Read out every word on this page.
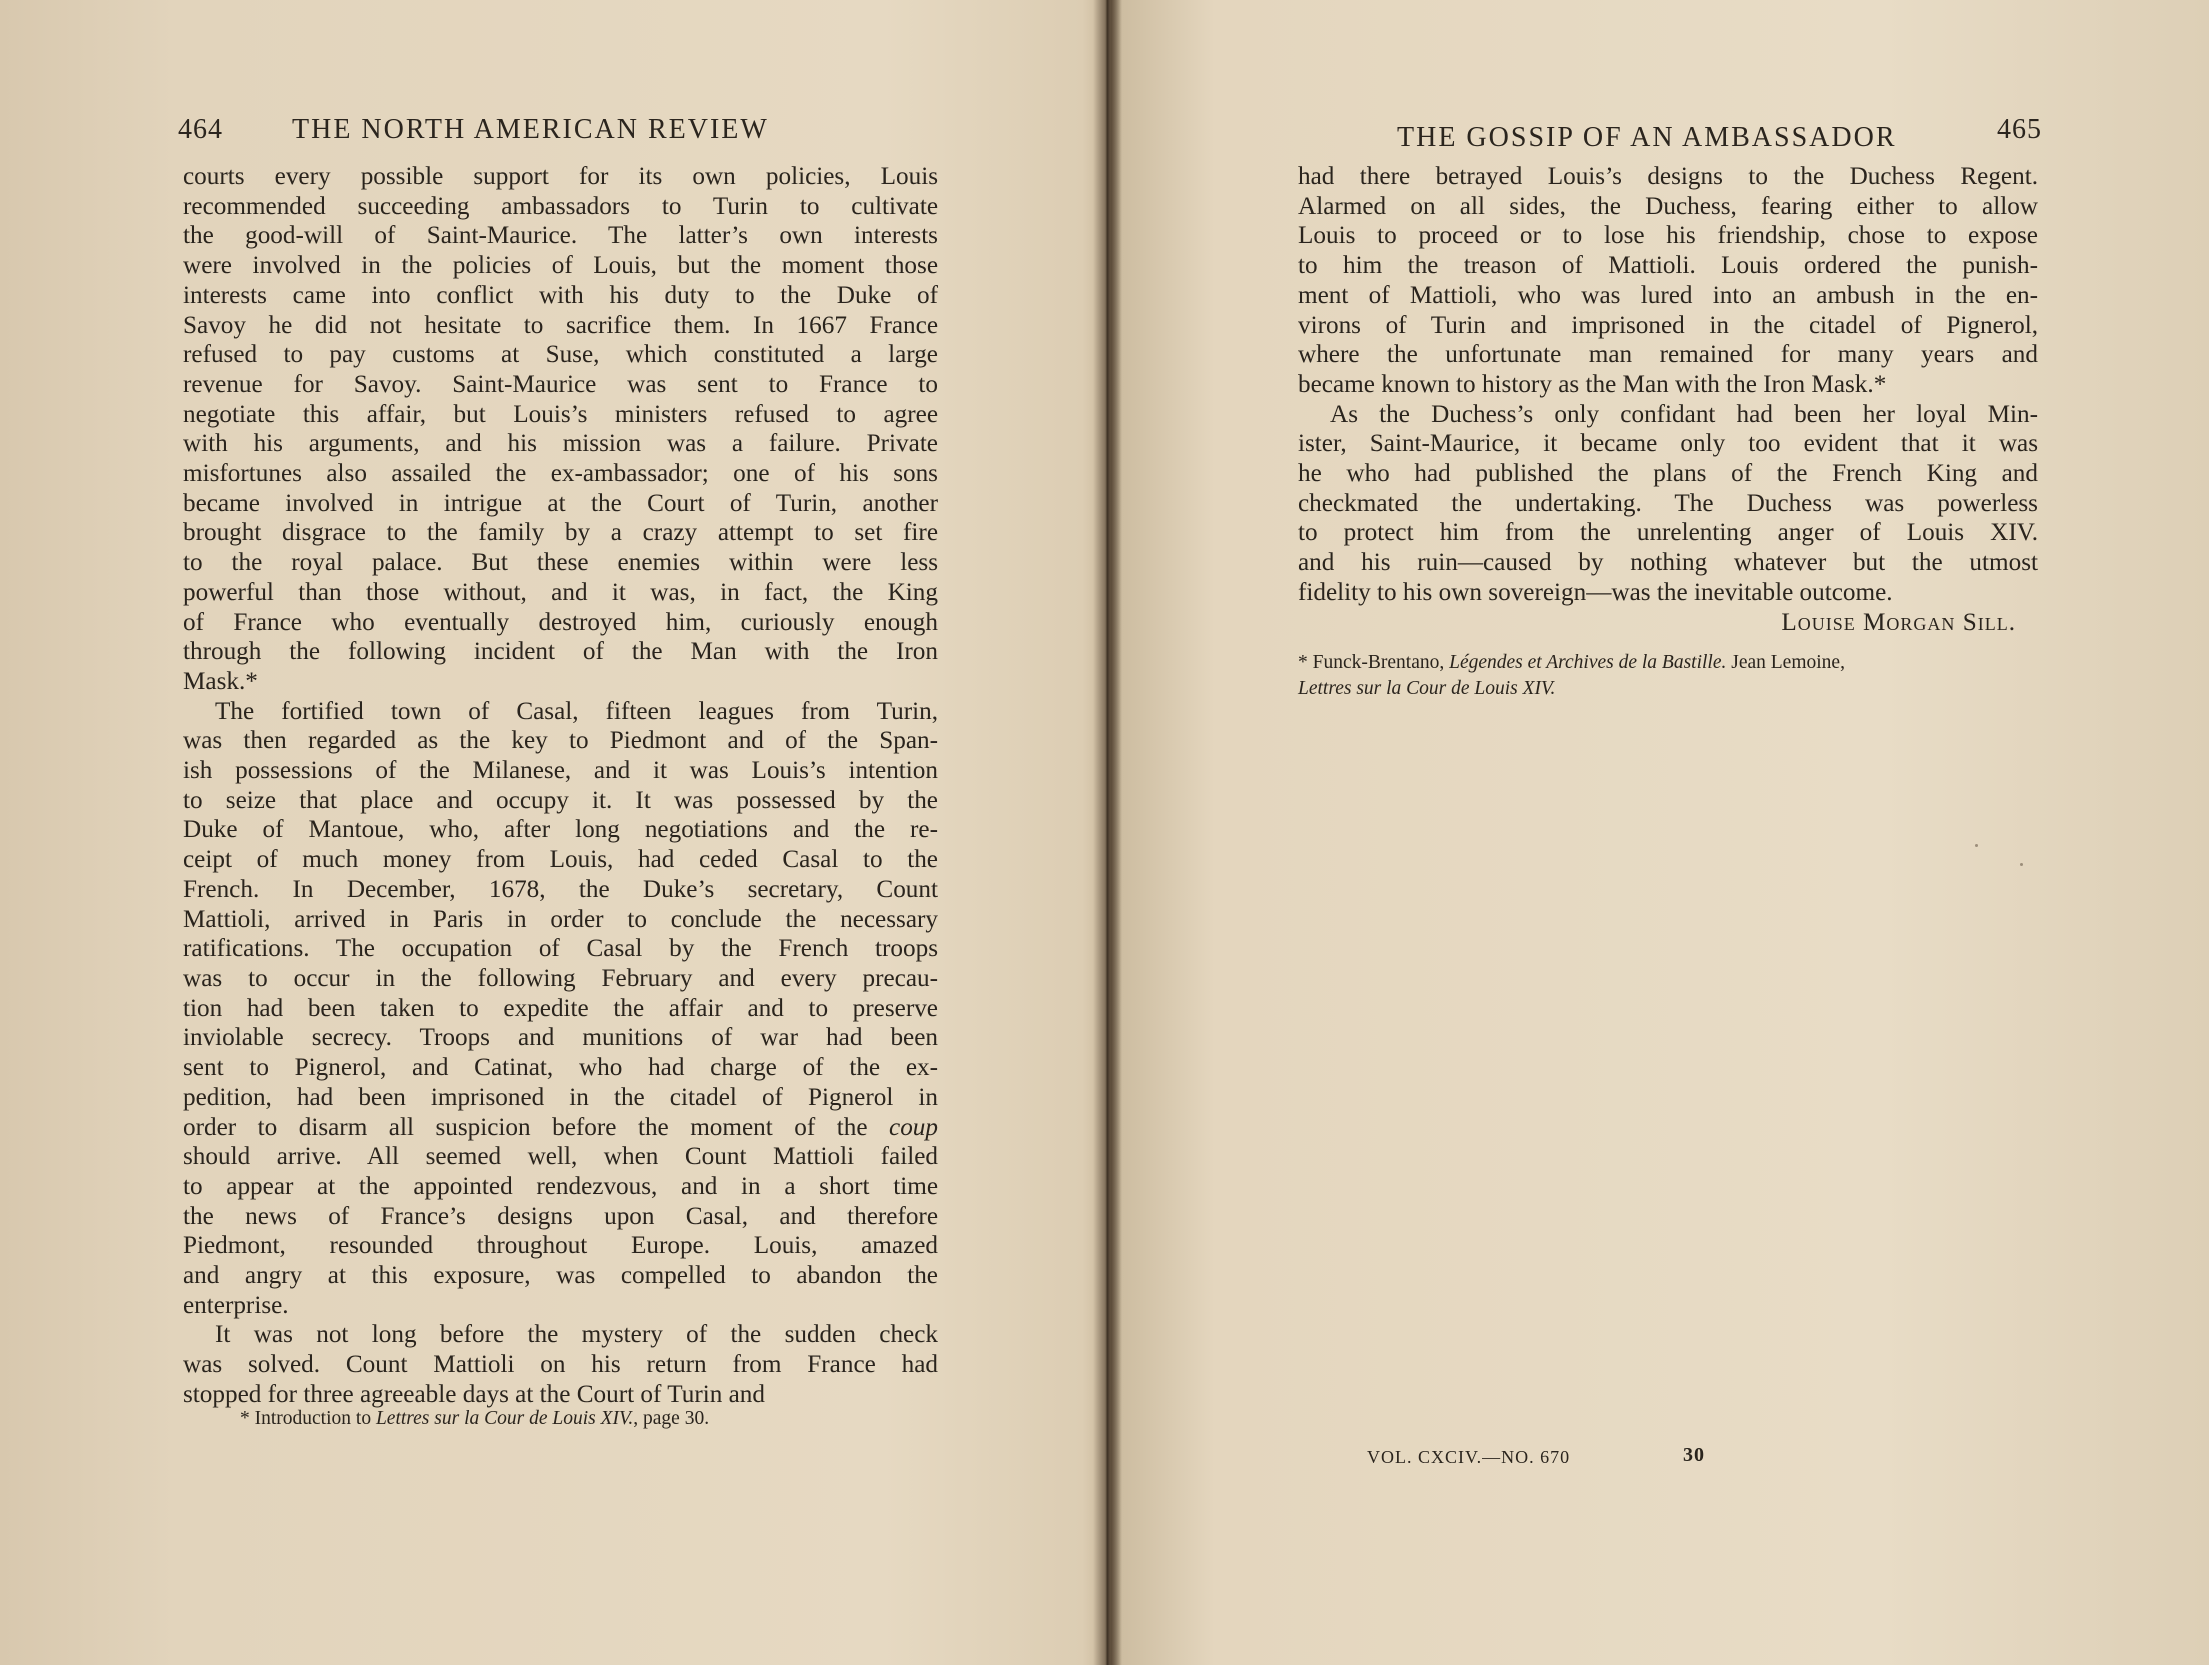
464 THE NORTH AMERICAN REVIEW
courts every possible support for its own policies, Louis
recommended succeeding ambassadors to Turin to cultivate
the good-will of Saint-Maurice. The latter’s own interests
were involved in the policies of Louis, but the moment those
interests came into conflict with his duty to the Duke of
Savoy he did not hesitate to sacrifice them. In 1667 France
refused to pay customs at Suse, which constituted a large
revenue for Savoy. Saint-Maurice was sent to France to
negotiate this affair, but Louis’s ministers refused to agree
with his arguments, and his mission was a failure. Private
misfortunes also assailed the ex-ambassador; one of his sons
became involved in intrigue at the Court of Turin, another
brought disgrace to the family by a crazy attempt to set fire
to the royal palace. But these enemies within were less
powerful than those without, and it was, in fact, the King
of France who eventually destroyed him, curiously enough
through the following incident of the Man with the Iron
Mask.*
The fortified town of Casal, fifteen leagues from Turin,
was then regarded as the key to Piedmont and of the Span-
ish possessions of the Milanese, and it was Louis’s intention
to seize that place and occupy it. It was possessed by the
Duke of Mantoue, who, after long negotiations and the re-
ceipt of much money from Louis, had ceded Casal to the
French. In December, 1678, the Duke’s secretary, Count
Mattioli, arrived in Paris in order to conclude the necessary
ratifications. The occupation of Casal by the French troops
was to occur in the following February and every precau-
tion had been taken to expedite the affair and to preserve
inviolable secrecy. Troops and munitions of war had been
sent to Pignerol, and Catinat, who had charge of the ex-
pedition, had been imprisoned in the citadel of Pignerol in
order to disarm all suspicion before the moment of the coup
should arrive. All seemed well, when Count Mattioli failed
to appear at the appointed rendezvous, and in a short time
the news of France’s designs upon Casal, and therefore
Piedmont, resounded throughout Europe. Louis, amazed
and angry at this exposure, was compelled to abandon the
enterprise.
It was not long before the mystery of the sudden check
was solved. Count Mattioli on his return from France had
stopped for three agreeable days at the Court of Turin and
* Introduction to Lettres sur la Cour de Louis XIV., page 30.
THE GOSSIP OF AN AMBASSADOR	465
had there betrayed Louis’s designs to the Duchess Regent.
Alarmed on all sides, the Duchess, fearing either to allow
Louis to proceed or to lose his friendship, chose to expose
to him the treason of Mattioli. Louis ordered the punish-
ment of Mattioli, who was lured into an ambush in the en-
virons of Turin and imprisoned in the citadel of Pignerol,
where the unfortunate man remained for many years and
became known to history as the Man with the Iron Mask.*
As the Duchess’s only confidant had been her loyal Min-
ister, Saint-Maurice, it became only too evident that it was
he who had published the plans of the French King and
checkmated the undertaking. The Duchess was powerless
to protect him from the unrelenting anger of Louis XIV.
and his ruin—caused by nothing whatever but the utmost
fidelity to his own sovereign—was the inevitable outcome.
Louise Morgan Sill.
* Funck-Brentano, Légendes et Archives de la Bastille. Jean Lemoine,
Lettres sur la Cour de Louis XIV.
VOL. CXCIV.—NO. 670	30
